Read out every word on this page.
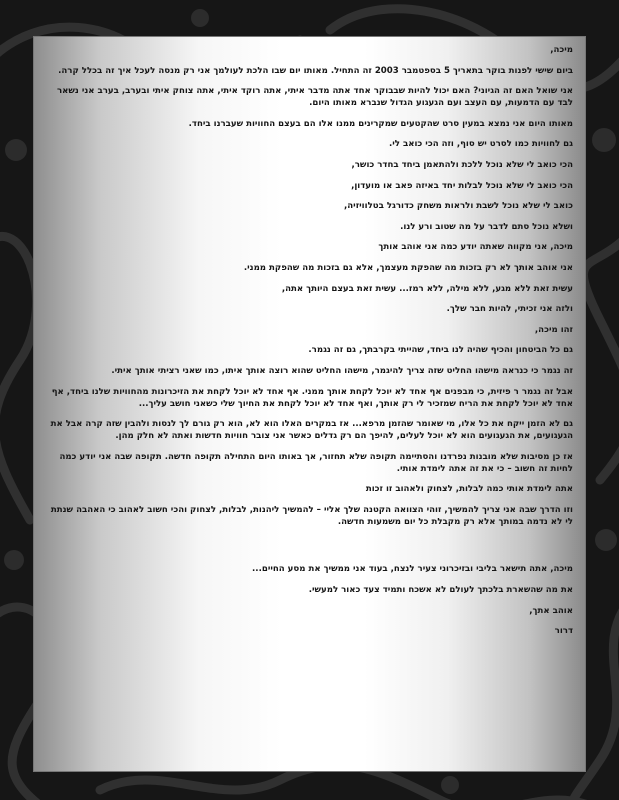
מיכה,

ביום שישי לפנות בוקר בתאריך 5 בספטמבר 2003 זה התחיל. מאותו יום שבו הלכת לעולמך אני רק מנסה לעכל איך זה בכלל קרה.

אני שואל האם זה הגיוני? האם יכול להיות שבבוקר אחד אתה מדבר איתי, אתה רוקד איתי, אתה צוחק איתי ובערב, בערב אני נשאר לבד עם הדמעות, עם העצב ועם הגעגוע הגדול שנברא מאותו היום.

מאותו היום אני נמצא במעין סרט שהקטעים שמקרינים ממנו אלו הם בעצם החוויות שעברנו ביחד.

גם לחוויות כמו לסרט יש סוף, וזה הכי כואב לי.

הכי כואב לי שלא נוכל ללכת ולהתאמן ביחד בחדר כושר,

הכי כואב לי שלא נוכל לבלות יחד באיזה פאב או מועדון,

כואב לי שלא נוכל לשבת ולראות משחק כדורגל בטלוויזיה,

ושלא נוכל סתם לדבר על מה שטוב ורע לנו.

מיכה, אני מקווה שאתה יודע כמה אני אוהב אותך

אני אוהב אותך לא רק בזכות מה שהפקת מעצמך, אלא גם בזכות מה שהפקת ממני.

עשית זאת ללא מגע, ללא מילה, ללא רמז... עשית זאת בעצם היותך אתה,

ולזה אני זכיתי, להיות חבר שלך.

זהו מיכה,

גם כל הביטחון והכיף שהיה לנו ביחד, שהייתי בקרבתך, גם זה נגמר.

זה נגמר כי כנראה מישהו החליט שזה צריך להיגמר, מישהו החליט שהוא רוצה אותך איתו, כמו שאני רציתי אותך איתי.

אבל זה נגמר ר פיזית, כי מבפנים אף אחד לא יוכל לקחת אותך ממני. אף אחד לא יוכל לקחת את הזיכרונות מהחוויות שלנו ביחד, אף אחד לא יוכל לקחת את הריח שמזכיר לי רק אותך, ואף אחד לא יוכל לקחת את החיוך שלי כשאני חושב עליך...

גם לא הזמן ייקח את כל אלו, מי שאומר שהזמן מרפא... אז במקרים האלו הוא לא, הוא רק גורם לך לנסות ולהבין שזה קרה אבל את הגעגועים, את הגעגועים הוא לא יוכל לעלים, להיפך הם רק גדלים כאשר אני צובר חוויות חדשות ואתה לא חלק מהן.

אז כן מסיבות שלא מובנות נפרדנו והסתיימה תקופה שלא תחזור, אך באותו היום התחילה תקופה חדשה. תקופה שבה אני יודע כמה לחיות זה חשוב – כי את זה אתה לימדת אותי.

אתה לימדת אותי כמה לבלות, לצחוק ולאהוב זו זכות

וזו הדרך שבה אני צריך להמשיך, זוהי הצוואה הקטנה שלך אליי – להמשיך ליהנות, לבלות, לצחוק והכי חשוב לאהוב כי האהבה שנתת לי לא נדמה במותך אלא רק מקבלת כל יום משמעות חדשה.

מיכה, אתה תישאר בליבי ובזיכרוני צעיר לנצח, בעוד אני ממשיך את מסע החיים...

את מה שהשארת בלכתך לעולם לא אשכח ותמיד צעד כאור למעשי.

אוהב אתך,

דרור
